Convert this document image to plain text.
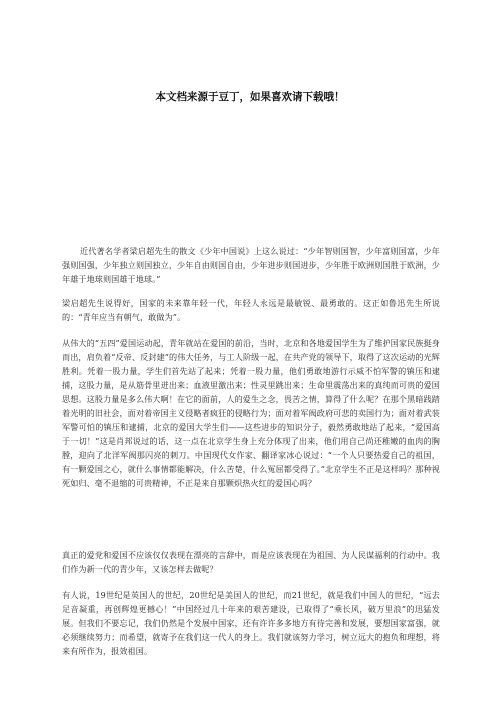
本文档来源于豆丁，如果喜欢请下载哦！
ⓘ

近代著名学者梁启超先生的散文《少年中国说》上这么说过：“少年智则国智，少年富则国富，少年强则国强，少年独立则国独立，少年自由则国自由，少年进步则国进步，少年胜于欧洲则国胜于欧洲，少年雄于地球则国雄于地球。”

梁启超先生说得好，国家的未来靠年轻一代，年轻人永远是最敏锐、最勇敢的。这正如鲁迅先生所说的：“青年应当有朝气，敢做为”。

从伟大的“五四”爱国运动起，青年就站在爱国的前沿，当时，北京和各地爱国学生为了维护国家民族挺身而出，肩负着“反帝、反封建”的伟大任务，与工人阶级一起，在共产党的领导下，取得了这次运动的光辉胜利。凭着一股力量，学生们首先站了起来；凭着一股力量，他们勇敢地游行示威不怕军警的镇压和逮捕，这股力量，是从筋骨里迸出来；血液里激出来；性灵里跳出来；生命里震荡出来的真纯而可贵的爱国思想。这股力量是多么伟大啊！在它的面前，人的爱生之念，畏苦之情，算得了什么呢？在那个黑暗践踏着光明的旧社会，面对着帝国主义侵略者疯狂的侵略行为；面对着军阀政府可悲的卖国行为；面对着武装军警可怕的镇压和逮捕，北京的爱国大学生们——这些进步的知识分子，毅然勇敢地站了起来，“爱国高于一切！”这是肖邦说过的话，这一点在北京学生身上充分体现了出来，他们用自己尚还稚嫩的血肉的胸膛，迎向了北洋军阀那闪亮的刺刀。中国现代女作家、翻译家冰心说过：“一个人只要热爱自己的祖国，有一颗爱国之心，就什么事情都能解决，什么苦楚，什么冤屈都受得了。”北京学生不正是这样吗？那种视死如归、毫不退缩的可贵精神，不正是来自那颗炽热火红的爱国心吗？

真正的爱党和爱国不应该仅仅表现在漂亮的言辞中，而是应该表现在为祖国、为人民谋福利的行动中。我们作为新一代的青少年，又该怎样去做呢？

有人说，19世纪是英国人的世纪，20世纪是美国人的世纪，而21世纪，就是我们中国人的世纪，“远去足音凝重，再创辉煌更撼心！”中国经过几十年来的艰苦建设，已取得了“乘长风，破万里浪”的迅猛发展。但我们不要忘记，我们仍然是个发展中国家，还有许许多多地方有待完善和发展，要想国家富强，就必须继续努力；而希望，就寄予在我们这一代人的身上。我们就该努力学习，树立远大的抱负和理想，将来有所作为，报效祖国。
